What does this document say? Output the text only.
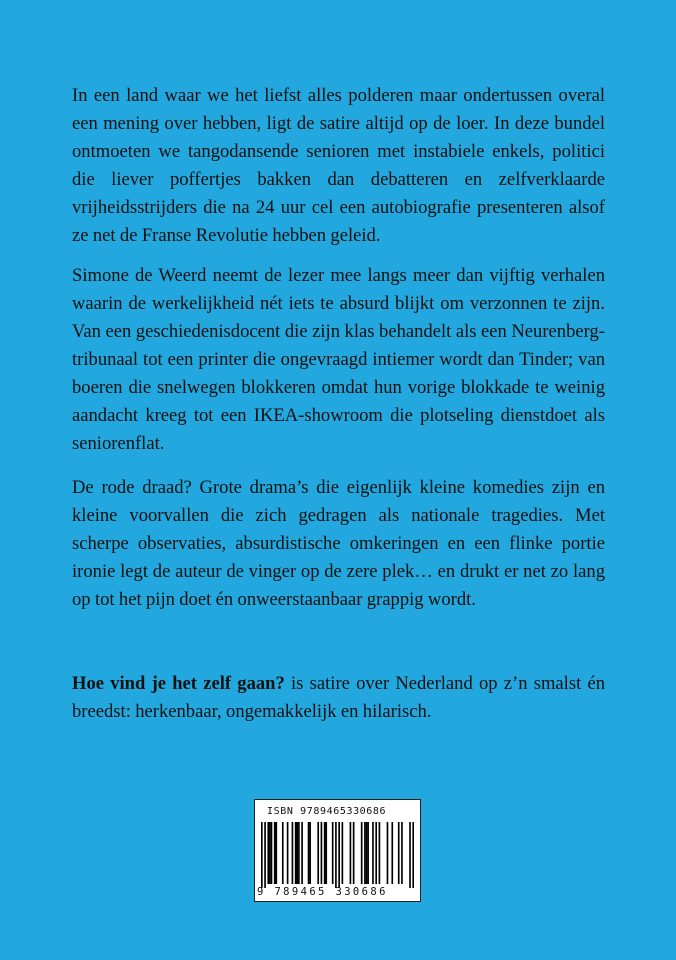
In een land waar we het liefst alles polderen maar ondertussen overal een mening over hebben, ligt de satire altijd op de loer. In deze bundel ontmoeten we tangodansende senioren met instabiele enkels, politici die liever poffertjes bakken dan debatteren en zelfverklaarde vrijheidsstrijders die na 24 uur cel een autobiografie presenteren alsof ze net de Franse Revolutie hebben geleid.

Simone de Weerd neemt de lezer mee langs meer dan vijftig verhalen waarin de werkelijkheid nét iets te absurd blijkt om verzonnen te zijn. Van een geschiedenisdocent die zijn klas behandelt als een Neurenberg-tribunaal tot een printer die ongevraagd intiemer wordt dan Tinder; van boeren die snelwegen blokkeren omdat hun vorige blokkade te weinig aandacht kreeg tot een IKEA-showroom die plotseling dienstdoet als seniorenflat.

De rode draad? Grote drama’s die eigenlijk kleine komedies zijn en kleine voorvallen die zich gedragen als nationale tragedies. Met scherpe observaties, absurdistische omkeringen en een flinke portie ironie legt de auteur de vinger op de zere plek… en drukt er net zo lang op tot het pijn doet én onweerstaanbaar grappig wordt.

Hoe vind je het zelf gaan? is satire over Nederland op z’n smalst én breedst: herkenbaar, ongemakkelijk en hilarisch.

ISBN 9789465330686
9 789465 330686
